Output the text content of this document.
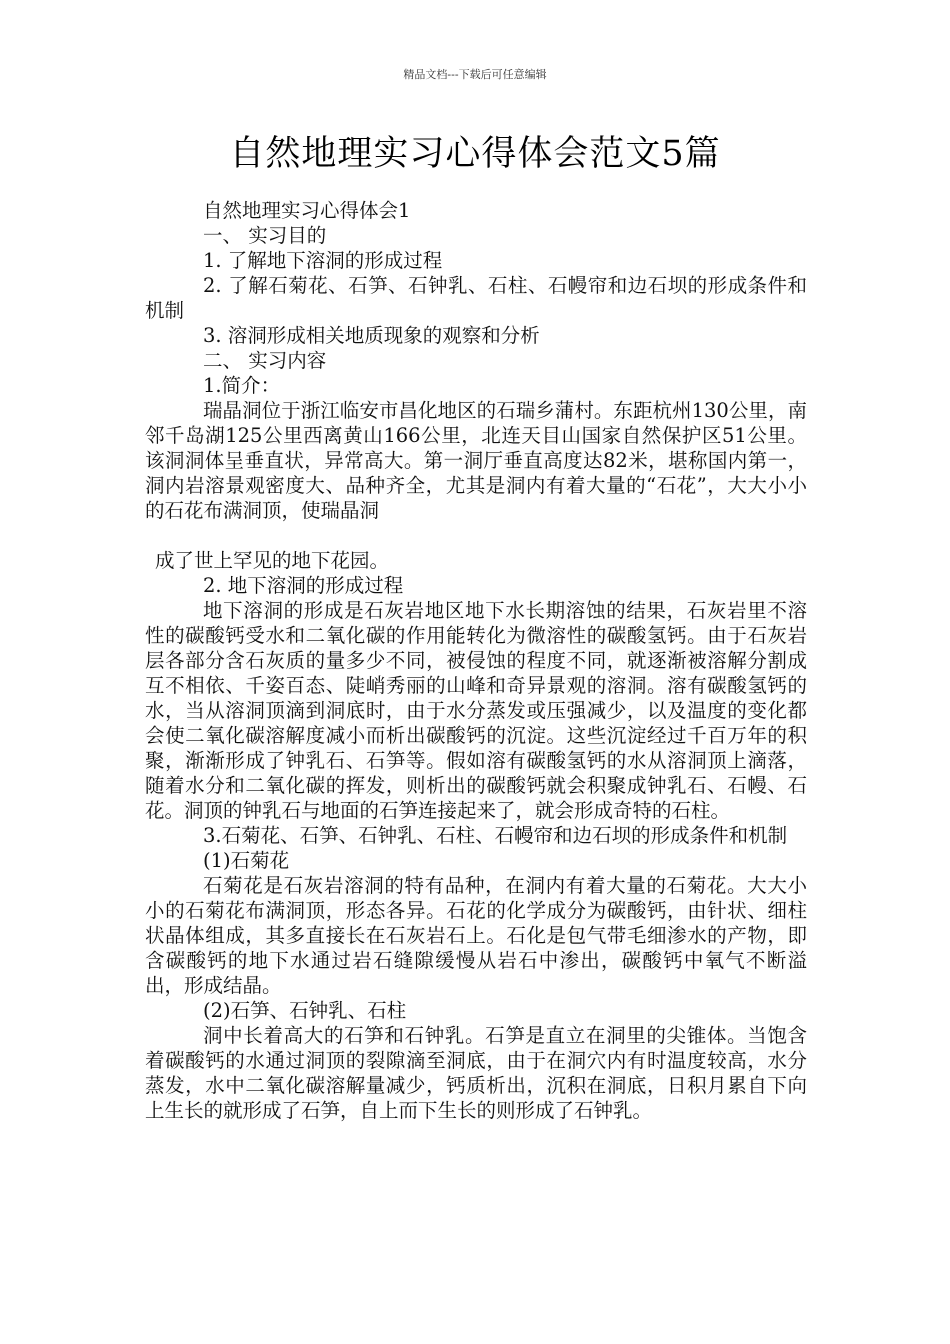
精品文档---下载后可任意编辑
自然地理实习心得体会范文5篇

自然地理实习心得体会1

一、 实习目的

1. 了解地下溶洞的形成过程

2. 了解石菊花、石笋、石钟乳、石柱、石幔帘和边石坝的形成条件和机制

3. 溶洞形成相关地质现象的观察和分析

二、 实习内容

1.简介：

瑞晶洞位于浙江临安市昌化地区的石瑞乡蒲村。东距杭州130公里，南邻千岛湖125公里西离黄山166公里，北连天目山国家自然保护区51公里。该洞洞体呈垂直状，异常高大。第一洞厅垂直高度达82米，堪称国内第一，洞内岩溶景观密度大、品种齐全，尤其是洞内有着大量的“石花”，大大小小的石花布满洞顶，使瑞晶洞

成了世上罕见的地下花园。

2. 地下溶洞的形成过程

地下溶洞的形成是石灰岩地区地下水长期溶蚀的结果，石灰岩里不溶性的碳酸钙受水和二氧化碳的作用能转化为微溶性的碳酸氢钙。由于石灰岩层各部分含石灰质的量多少不同，被侵蚀的程度不同，就逐渐被溶解分割成互不相依、千姿百态、陡峭秀丽的山峰和奇异景观的溶洞。溶有碳酸氢钙的水，当从溶洞顶滴到洞底时，由于水分蒸发或压强减少，以及温度的变化都会使二氧化碳溶解度减小而析出碳酸钙的沉淀。这些沉淀经过千百万年的积聚，渐渐形成了钟乳石、石笋等。假如溶有碳酸氢钙的水从溶洞顶上滴落，随着水分和二氧化碳的挥发，则析出的碳酸钙就会积聚成钟乳石、石幔、石花。洞顶的钟乳石与地面的石笋连接起来了，就会形成奇特的石柱。

3.石菊花、石笋、石钟乳、石柱、石幔帘和边石坝的形成条件和机制

(1)石菊花

石菊花是石灰岩溶洞的特有品种，在洞内有着大量的石菊花。大大小小的石菊花布满洞顶，形态各异。石花的化学成分为碳酸钙，由针状、细柱状晶体组成，其多直接长在石灰岩石上。石化是包气带毛细渗水的产物，即含碳酸钙的地下水通过岩石缝隙缓慢从岩石中渗出，碳酸钙中氧气不断溢出，形成结晶。

(2)石笋、石钟乳、石柱

洞中长着高大的石笋和石钟乳。石笋是直立在洞里的尖锥体。当饱含着碳酸钙的水通过洞顶的裂隙滴至洞底，由于在洞穴内有时温度较高，水分蒸发，水中二氧化碳溶解量减少，钙质析出，沉积在洞底，日积月累自下向上生长的就形成了石笋，自上而下生长的则形成了石钟乳。
